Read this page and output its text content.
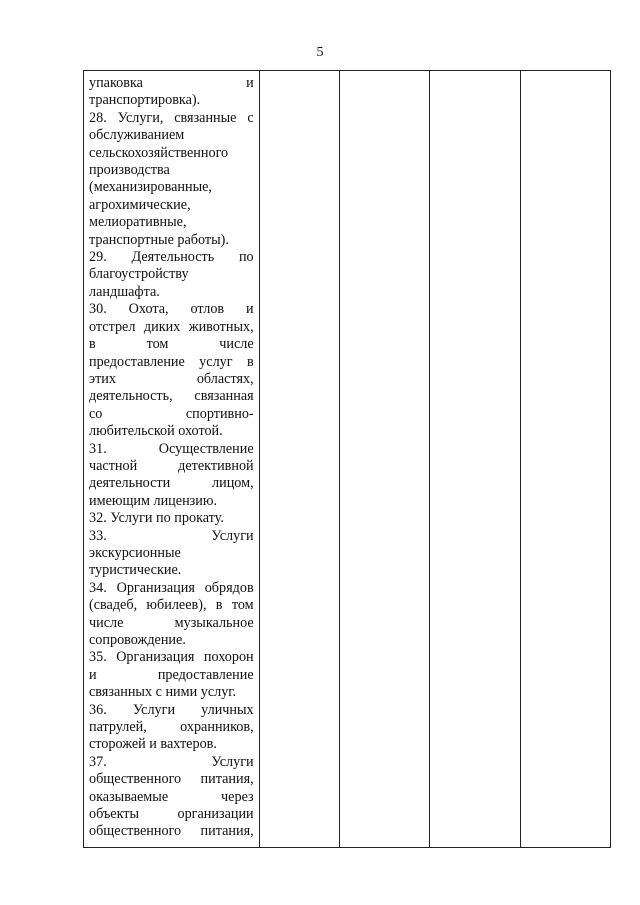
5
упаковка и
транспортировка).
28. Услуги, связанные с
обслуживанием
сельскохозяйственного
производства
(механизированные,
агрохимические,
мелиоративные,
транспортные работы).
29. Деятельность по
благоустройству
ландшафта.
30. Охота, отлов и
отстрел диких животных,
в том числе
предоставление услуг в
этих областях,
деятельность, связанная
со спортивно-
любительской охотой.
31. Осуществление
частной детективной
деятельности лицом,
имеющим лицензию.
32. Услуги по прокату.
33. Услуги
экскурсионные
туристические.
34. Организация обрядов
(свадеб, юбилеев), в том
числе музыкальное
сопровождение.
35. Организация похорон
и предоставление
связанных с ними услуг.
36. Услуги уличных
патрулей, охранников,
сторожей и вахтеров.
37. Услуги
общественного питания,
оказываемые через
объекты организации
общественного питания,
